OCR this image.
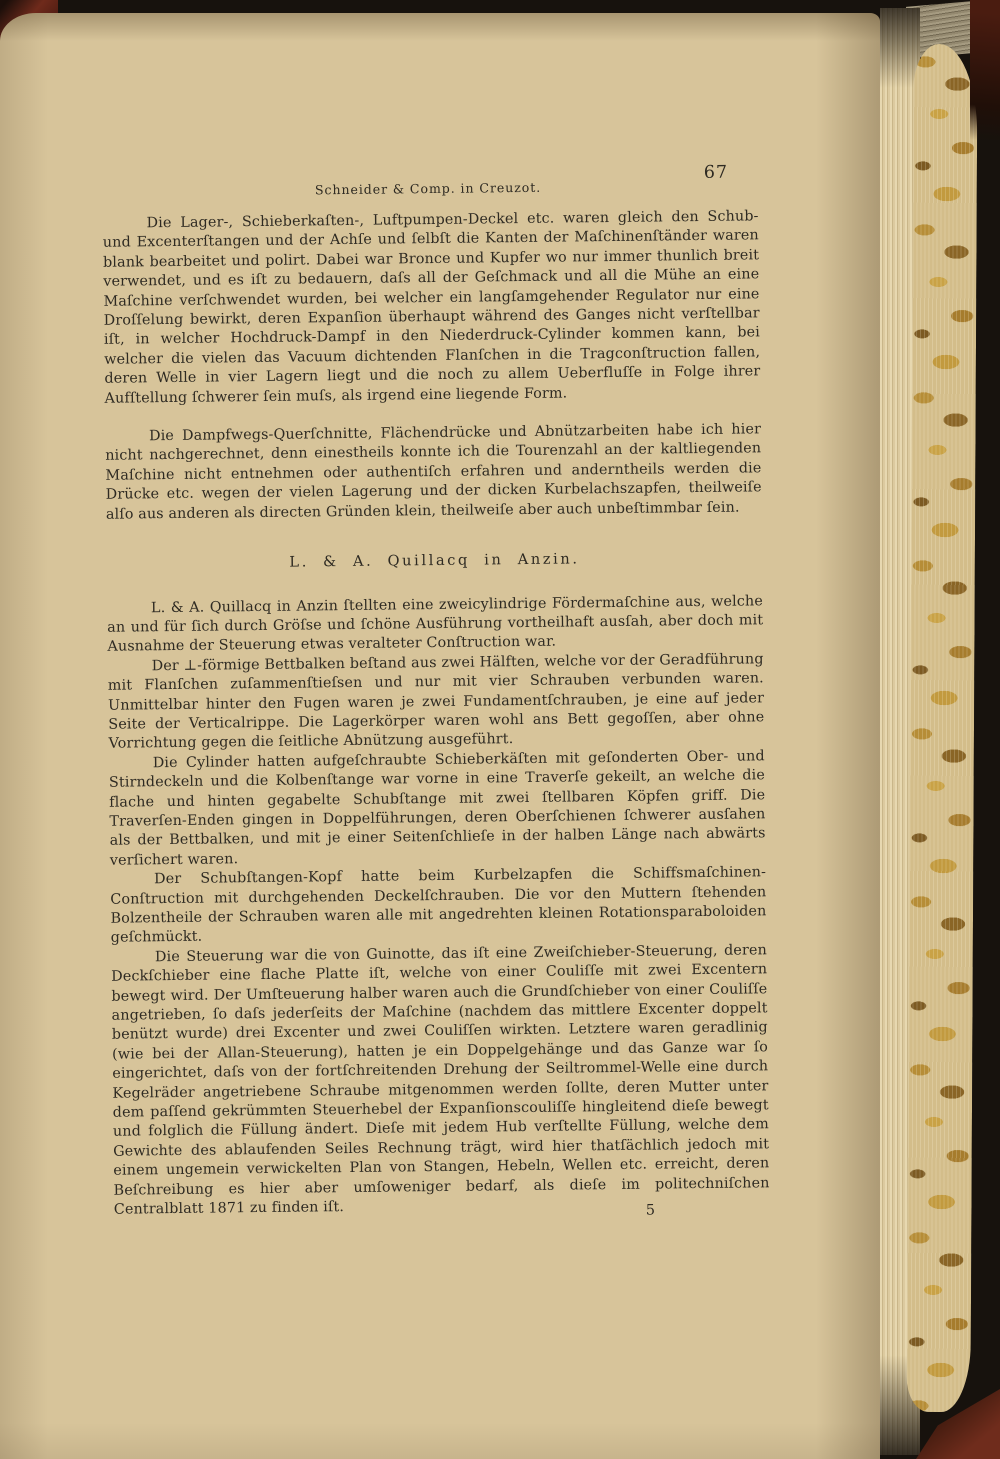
Schneider & Comp. in Creuzot.
67

Die Lager-, Schieberkaſten-, Luftpumpen-Deckel etc. waren gleich den Schub- und Excenterſtangen und der Achſe und ſelbſt die Kanten der Maſchinenſtänder waren blank bearbeitet und polirt. Dabei war Bronce und Kupfer wo nur immer thunlich breit verwendet, und es iſt zu bedauern, daſs all der Geſchmack und all die Mühe an eine Maſchine verſchwendet wurden, bei welcher ein langſamgehender Regulator nur eine Droſſelung bewirkt, deren Expanſion überhaupt während des Ganges nicht verſtellbar iſt, in welcher Hochdruck-Dampf in den Niederdruck-Cylinder kommen kann, bei welcher die vielen das Vacuum dichtenden Flanſchen in die Tragconſtruction fallen, deren Welle in vier Lagern liegt und die noch zu allem Ueberfluſſe in Folge ihrer Aufſtellung ſchwerer ſein muſs, als irgend eine liegende Form.

Die Dampfwegs-Querſchnitte, Flächendrücke und Abnützarbeiten habe ich hier nicht nachgerechnet, denn einestheils konnte ich die Tourenzahl an der kaltliegenden Maſchine nicht entnehmen oder authentiſch erfahren und anderntheils werden die Drücke etc. wegen der vielen Lagerung und der dicken Kurbelachszapfen, theilweiſe alſo aus anderen als directen Gründen klein, theilweiſe aber auch unbeſtimmbar ſein.

L. & A. Quillacq in Anzin.

L. & A. Quillacq in Anzin ſtellten eine zweicylindrige Fördermaſchine aus, welche an und für ſich durch Gröſse und ſchöne Ausführung vortheilhaft ausſah, aber doch mit Ausnahme der Steuerung etwas veralteter Conſtruction war.

Der ⊥-förmige Bettbalken beſtand aus zwei Hälften, welche vor der Geradführung mit Flanſchen zuſammenſtieſsen und nur mit vier Schrauben verbunden waren. Unmittelbar hinter den Fugen waren je zwei Fundamentſchrauben, je eine auf jeder Seite der Verticalrippe. Die Lagerkörper waren wohl ans Bett gegoſſen, aber ohne Vorrichtung gegen die ſeitliche Abnützung ausgeführt.

Die Cylinder hatten aufgeſchraubte Schieberkäſten mit geſonderten Ober- und Stirndeckeln und die Kolbenſtange war vorne in eine Traverſe gekeilt, an welche die flache und hinten gegabelte Schubſtange mit zwei ſtellbaren Köpfen griff. Die Traverſen-Enden gingen in Doppelführungen, deren Oberſchienen ſchwerer ausſahen als der Bettbalken, und mit je einer Seitenſchlieſe in der halben Länge nach abwärts verſichert waren.

Der Schubſtangen-Kopf hatte beim Kurbelzapfen die Schiffsmaſchinen-Conſtruction mit durchgehenden Deckelſchrauben. Die vor den Muttern ſtehenden Bolzentheile der Schrauben waren alle mit angedrehten kleinen Rotationsparaboloiden geſchmückt.

Die Steuerung war die von Guinotte, das iſt eine Zweiſchieber-Steuerung, deren Deckſchieber eine flache Platte iſt, welche von einer Couliſſe mit zwei Excentern bewegt wird. Der Umſteuerung halber waren auch die Grundſchieber von einer Couliſſe angetrieben, ſo daſs jederſeits der Maſchine (nachdem das mittlere Excenter doppelt benützt wurde) drei Excenter und zwei Couliſſen wirkten. Letztere waren geradlinig (wie bei der Allan-Steuerung), hatten je ein Doppelgehänge und das Ganze war ſo eingerichtet, daſs von der fortſchreitenden Drehung der Seiltrommel-Welle eine durch Kegelräder angetriebene Schraube mitgenommen werden ſollte, deren Mutter unter dem paſſend gekrümmten Steuerhebel der Expanſionscouliſſe hingleitend dieſe bewegt und folglich die Füllung ändert. Dieſe mit jedem Hub verſtellte Füllung, welche dem Gewichte des ablaufenden Seiles Rechnung trägt, wird hier thatſächlich jedoch mit einem ungemein verwickelten Plan von Stangen, Hebeln, Wellen etc. erreicht, deren Beſchreibung es hier aber umſoweniger bedarf, als dieſe im politechniſchen Centralblatt 1871 zu finden iſt.	5
